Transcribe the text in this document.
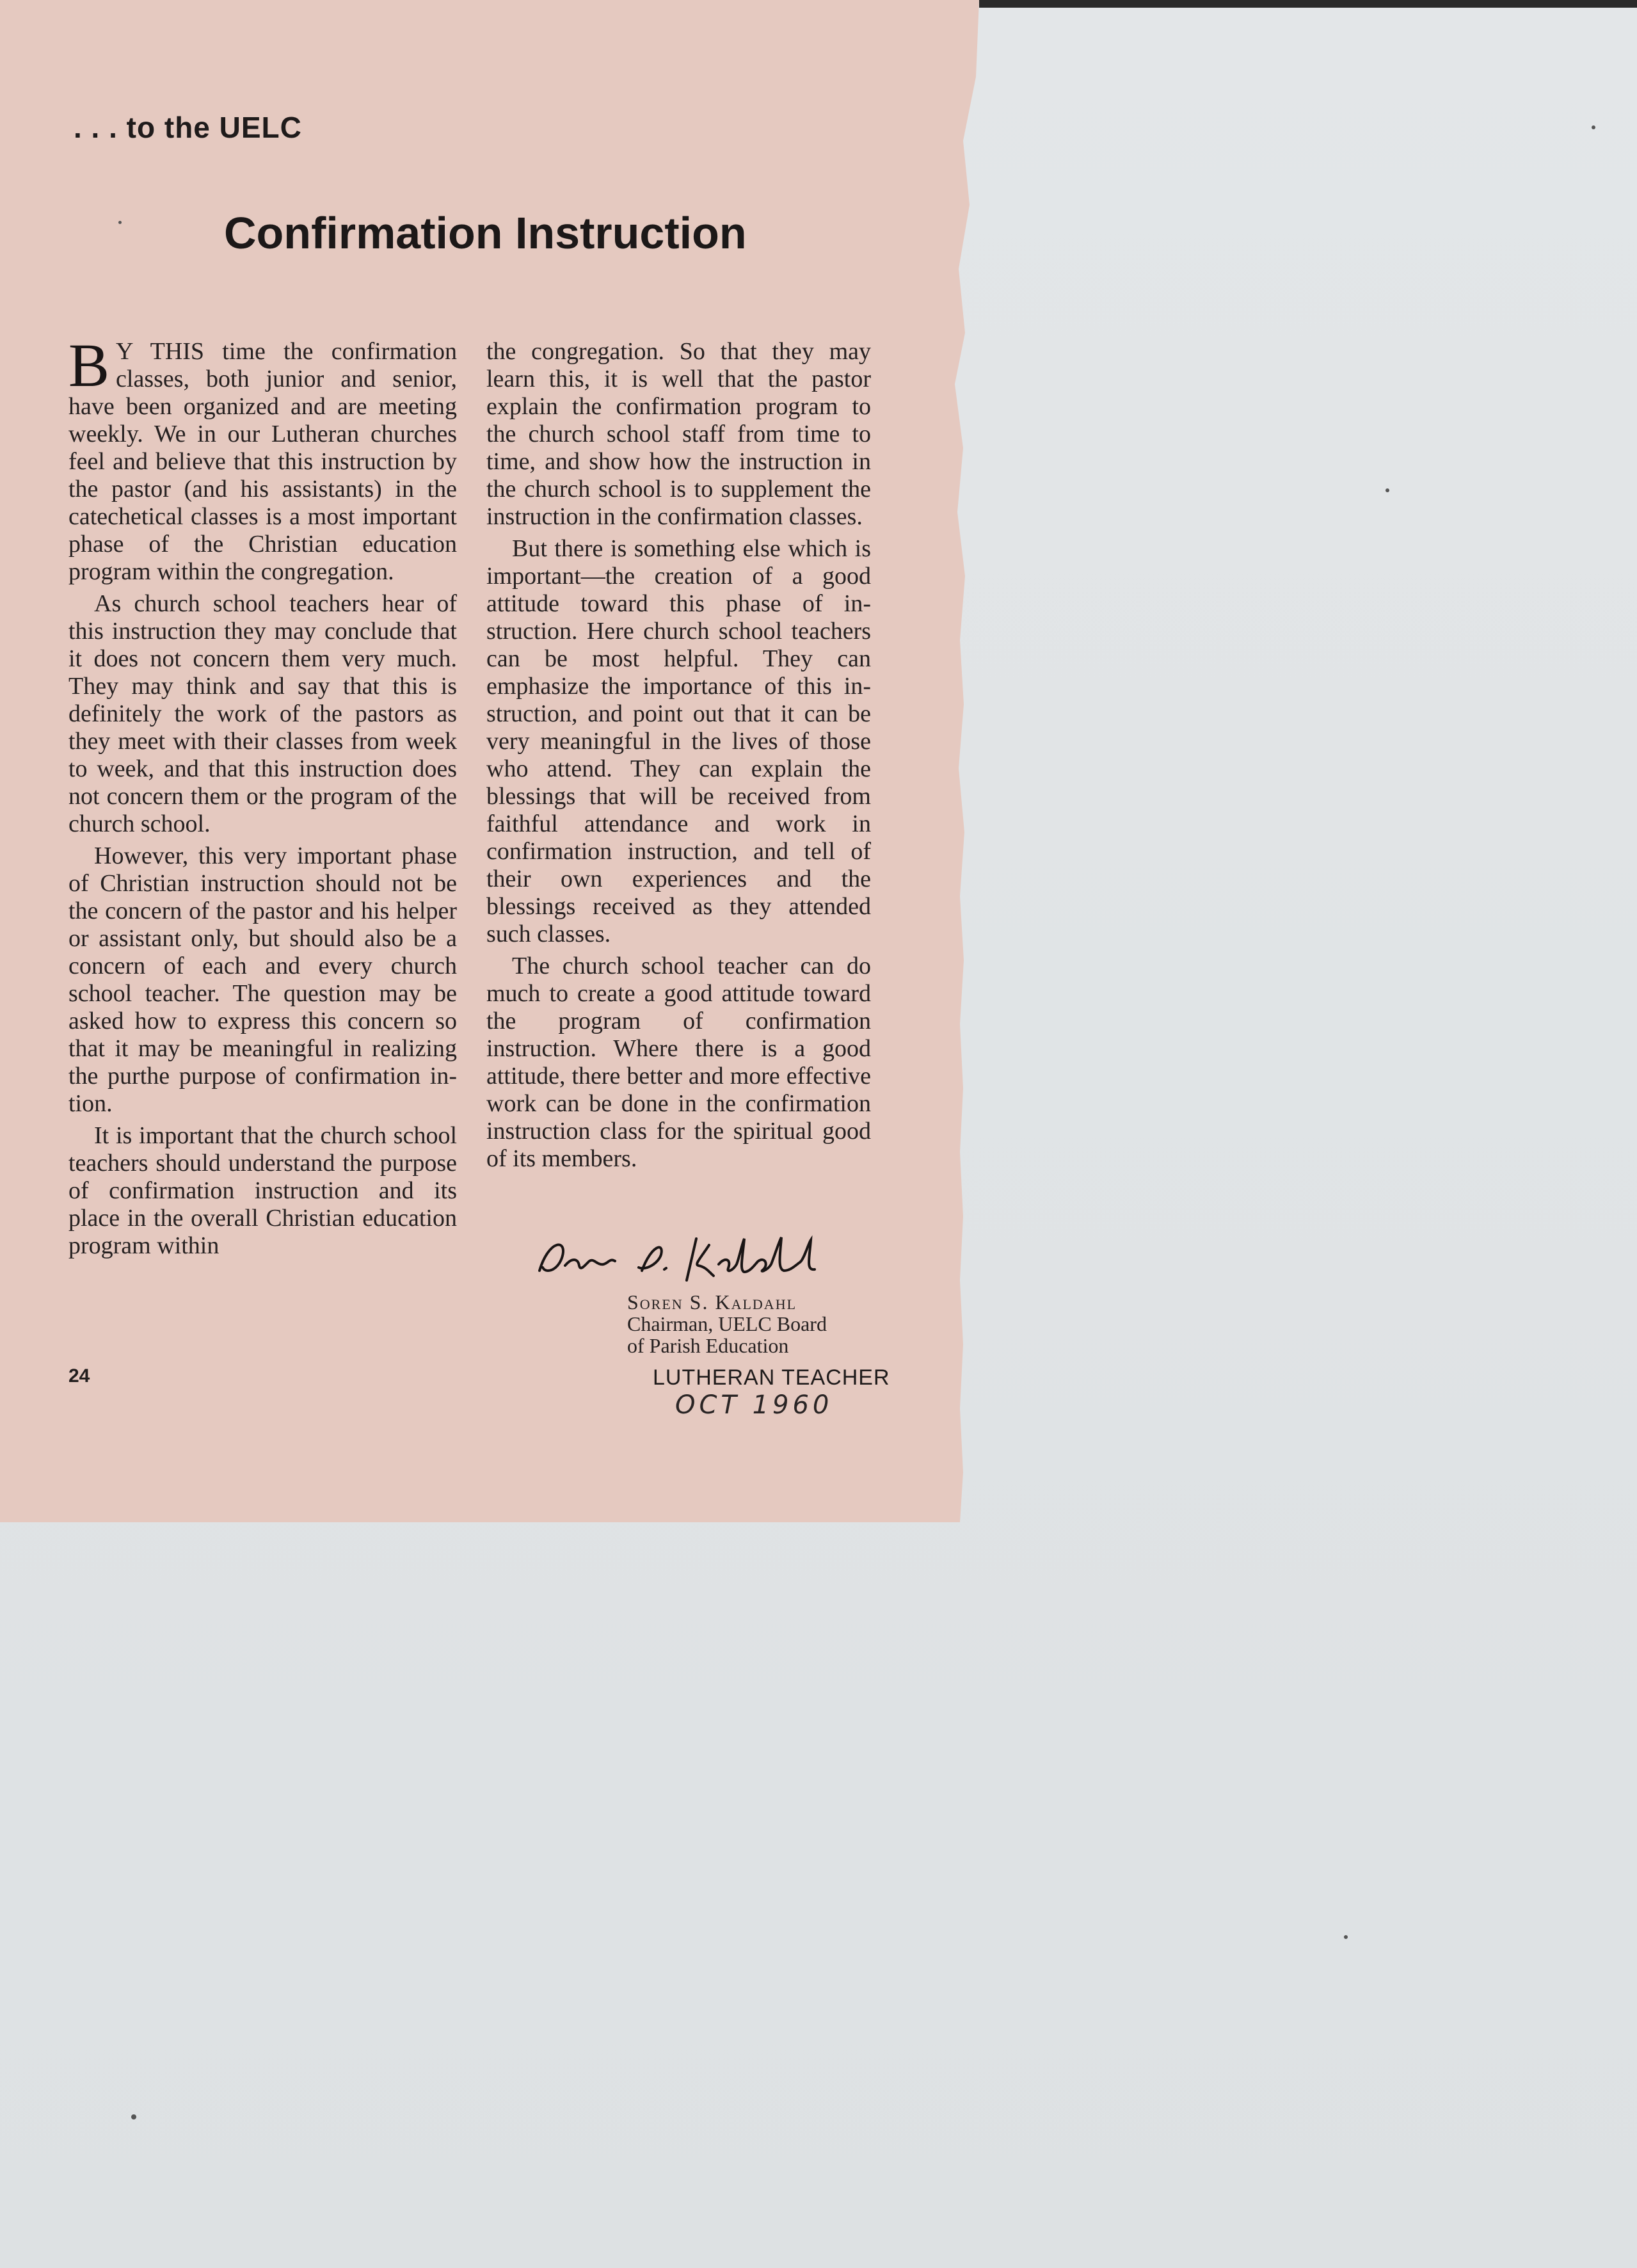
. . . to the UELC
Confirmation Instruction

B Y THIS time the confirmation classes, both junior and senior, have been organized and are meeting weekly. We in our Lutheran churches feel and believe that this instruction by the pastor (and his assistants) in the catechetical classes is a most important phase of the Christian education program within the congregation.

As church school teachers hear of this instruction they may conclude that it does not concern them very much. They may think and say that this is definitely the work of the pastors as they meet with their classes from week to week, and that this instruction does not concern them or the program of the church school.

However, this very important phase of Christian instruction should not be the concern of the pastor and his helper or assistant only, but should also be a concern of each and every church school teacher. The question may be asked how to express this concern so that it may be meaningful in realizing the purthe purpose of confirmation intion.

It is important that the church school teachers should understand the purpose of confirmation instruction and its place in the overall Christian education program within

the congregation. So that they may learn this, it is well that the pastor explain the confirmation program to the church school staff from time to time, and show how the instruction in the church school is to supplement the instruction in the confirmation classes.

But there is something else which is important—the creation of a good attitude toward this phase of instruction. Here church school teachers can be most helpful. They can emphasize the importance of this instruction, and point out that it can be very meaningful in the lives of those who attend. They can explain the blessings that will be received from faithful attendance and work in confirmation instruction, and tell of their own experiences and the blessings received as they attended such classes.

The church school teacher can do much to create a good attitude toward the program of confirmation instruction. Where there is a good attitude, there better and more effective work can be done in the confirmation instruction class for the spiritual good of its members.

Soren S. Kaldahl
Chairman, UELC Board
of Parish Education
24	LUTHERAN TEACHER
OCT 1960
